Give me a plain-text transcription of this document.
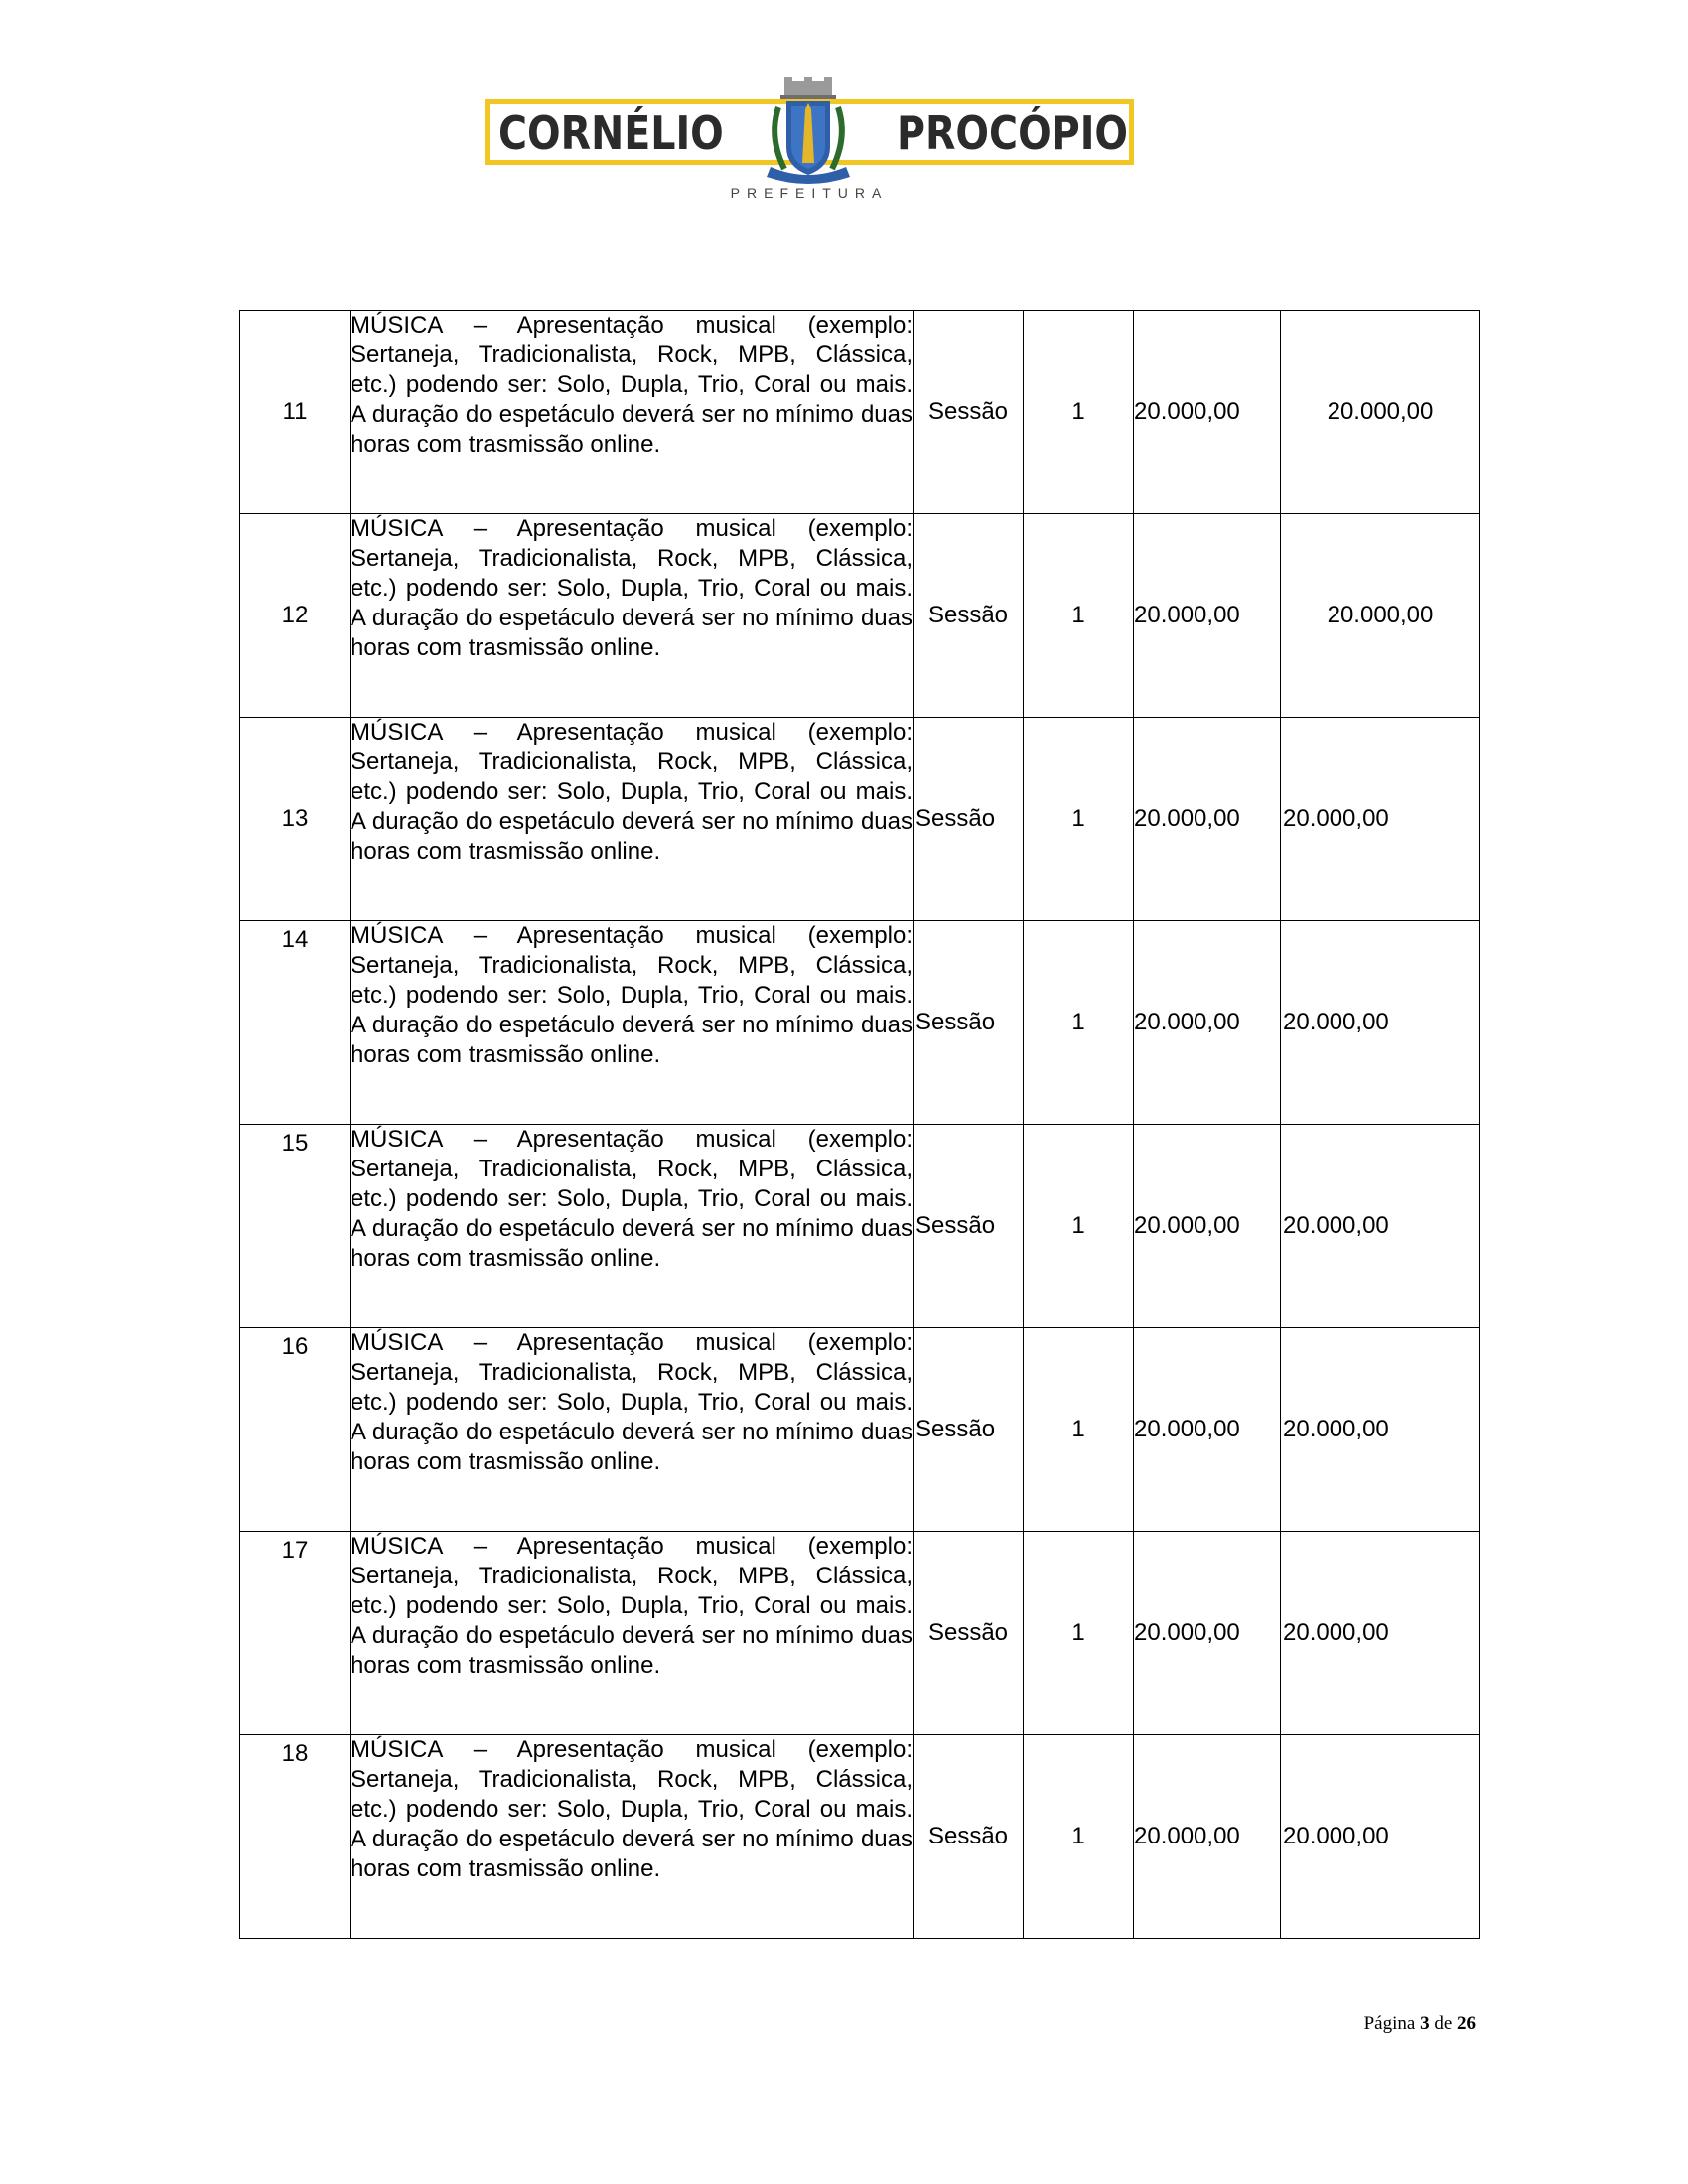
CORNÉLIO	PROCÓPIO
PREFEITURA
11	MÚSICA – Apresentação musical (exemplo: Sertaneja, Tradicionalista, Rock, MPB, Clássica, etc.) podendo ser: Solo, Dupla, Trio, Coral ou mais. A duração do espetáculo deverá ser no mínimo duas horas com trasmissão online.	Sessão	1	20.000,00	20.000,00
12	MÚSICA – Apresentação musical (exemplo: Sertaneja, Tradicionalista, Rock, MPB, Clássica, etc.) podendo ser: Solo, Dupla, Trio, Coral ou mais. A duração do espetáculo deverá ser no mínimo duas horas com trasmissão online.	Sessão	1	20.000,00	20.000,00
13	MÚSICA – Apresentação musical (exemplo: Sertaneja, Tradicionalista, Rock, MPB, Clássica, etc.) podendo ser: Solo, Dupla, Trio, Coral ou mais. A duração do espetáculo deverá ser no mínimo duas horas com trasmissão online.	Sessão	1	20.000,00	20.000,00
14	MÚSICA – Apresentação musical (exemplo: Sertaneja, Tradicionalista, Rock, MPB, Clássica, etc.) podendo ser: Solo, Dupla, Trio, Coral ou mais. A duração do espetáculo deverá ser no mínimo duas horas com trasmissão online.	Sessão	1	20.000,00	20.000,00
15	MÚSICA – Apresentação musical (exemplo: Sertaneja, Tradicionalista, Rock, MPB, Clássica, etc.) podendo ser: Solo, Dupla, Trio, Coral ou mais. A duração do espetáculo deverá ser no mínimo duas horas com trasmissão online.	Sessão	1	20.000,00	20.000,00
16	MÚSICA – Apresentação musical (exemplo: Sertaneja, Tradicionalista, Rock, MPB, Clássica, etc.) podendo ser: Solo, Dupla, Trio, Coral ou mais. A duração do espetáculo deverá ser no mínimo duas horas com trasmissão online.	Sessão	1	20.000,00	20.000,00
17	MÚSICA – Apresentação musical (exemplo: Sertaneja, Tradicionalista, Rock, MPB, Clássica, etc.) podendo ser: Solo, Dupla, Trio, Coral ou mais. A duração do espetáculo deverá ser no mínimo duas horas com trasmissão online.	Sessão	1	20.000,00	20.000,00
18	MÚSICA – Apresentação musical (exemplo: Sertaneja, Tradicionalista, Rock, MPB, Clássica, etc.) podendo ser: Solo, Dupla, Trio, Coral ou mais. A duração do espetáculo deverá ser no mínimo duas horas com trasmissão online.	Sessão	1	20.000,00	20.000,00
Página 3 de 26
